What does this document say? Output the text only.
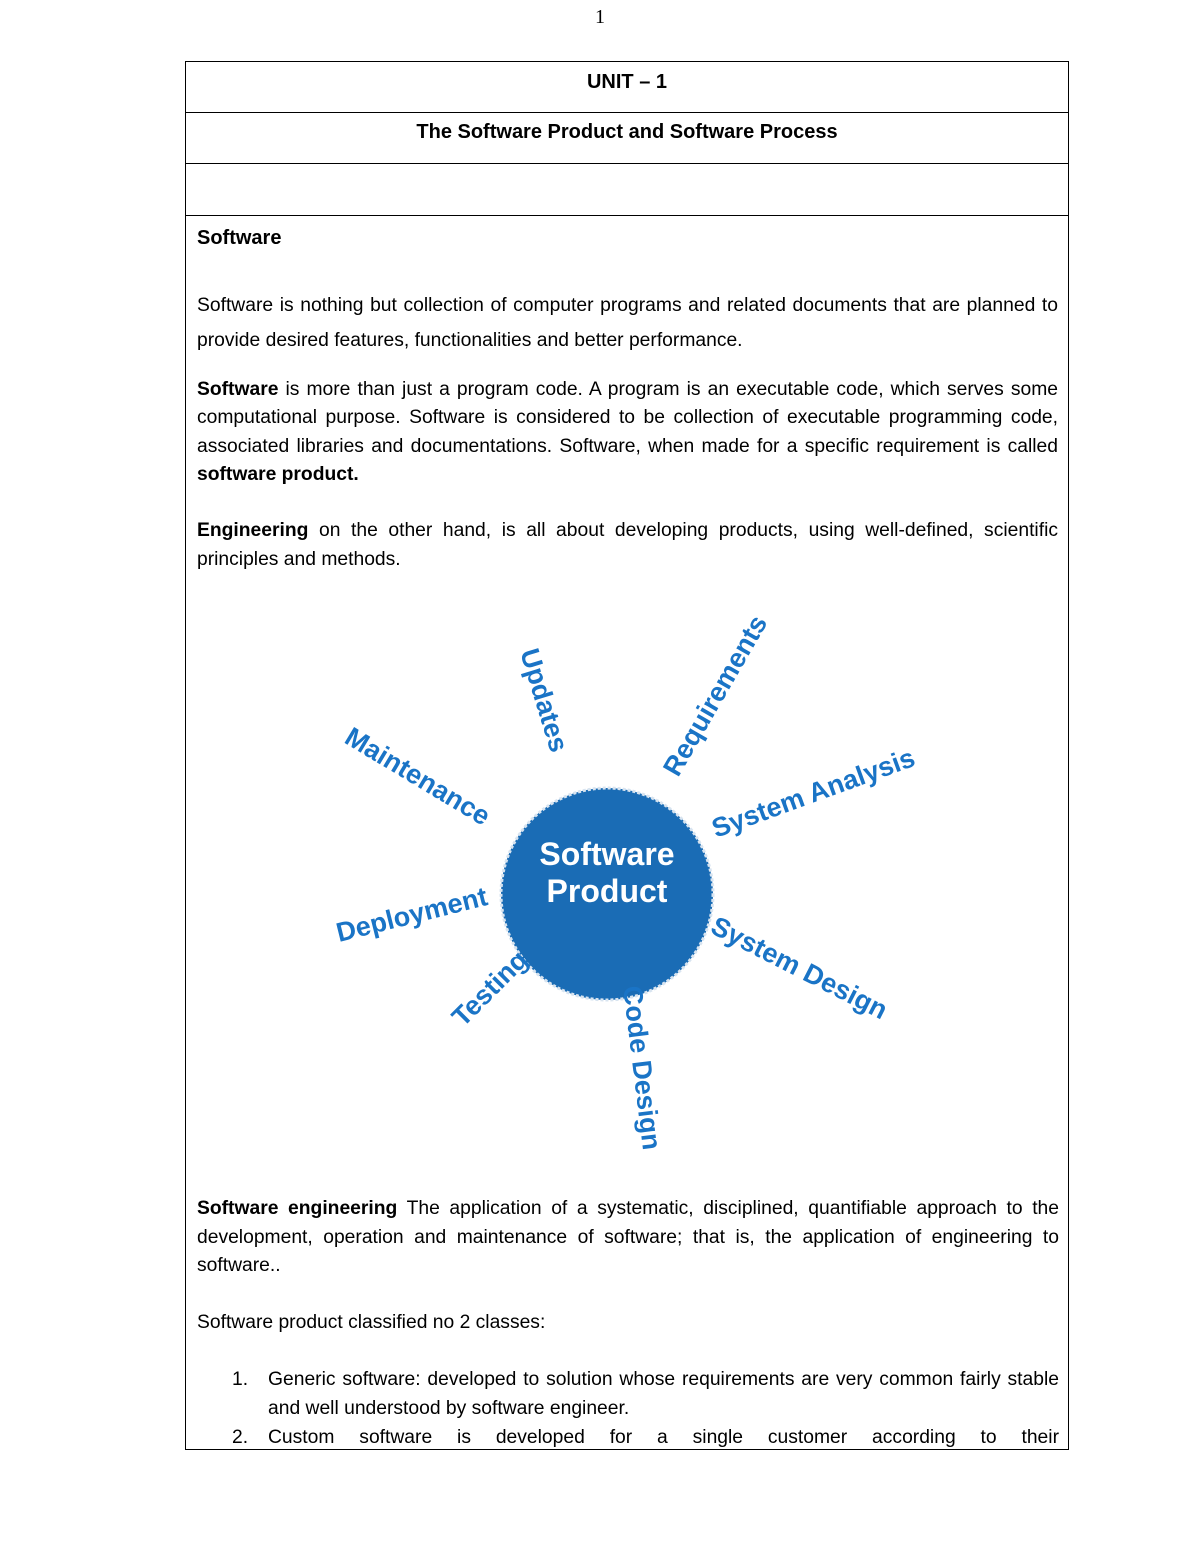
1
UNIT – 1
The Software Product and Software Process

Software

Software is nothing but collection of computer programs and related documents that are planned to provide desired features, functionalities and better performance.

Software is more than just a program code. A program is an executable code, which serves some computational purpose. Software is considered to be collection of executable programming code, associated libraries and documentations. Software, when made for a specific requirement is called software product.

Engineering on the other hand, is all about developing products, using well-defined, scientific principles and methods.

Software
Product
Updates	Requirements
Maintenance	System Analysis
Deployment	System Design
Testing	Code Design

Software engineering The application of a systematic, disciplined, quantifiable approach to the development, operation and maintenance of software; that is, the application of engineering to software..

Software product classified no 2 classes:

1. Generic software: developed to solution whose requirements are very common fairly stable and well understood by software engineer.
2. Custom software is developed for a single customer according to their
